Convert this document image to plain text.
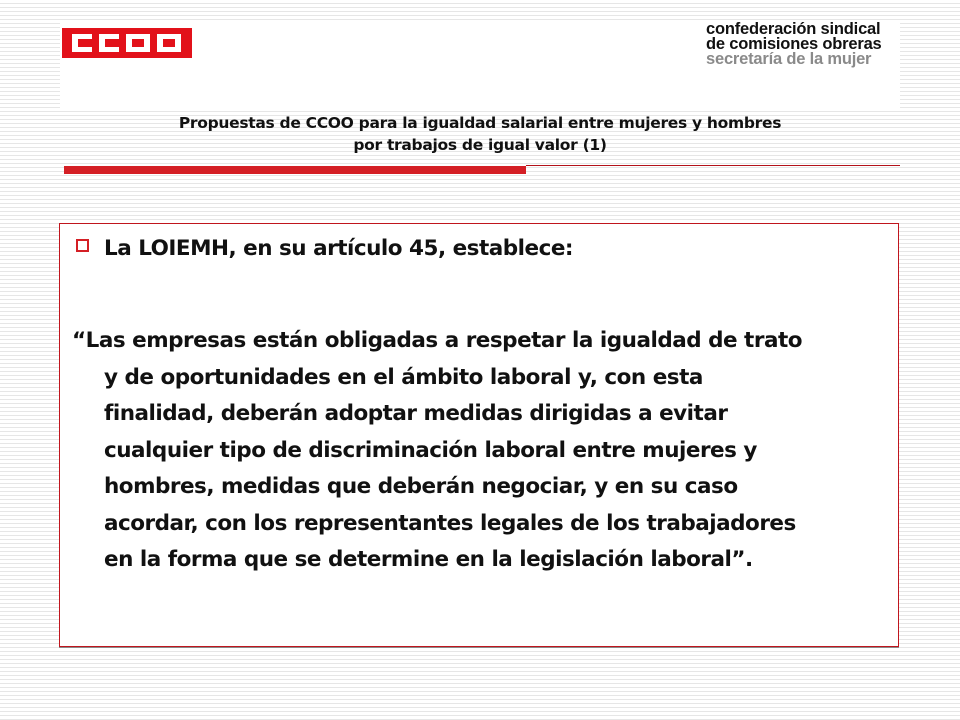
confederación sindical
de comisiones obreras
secretaría de la mujer
Propuestas de CCOO para la igualdad salarial entre mujeres y hombres
por trabajos de igual valor (1)
La LOIEMH, en su artículo 45, establece:
“Las empresas están obligadas a respetar la igualdad de trato
y de oportunidades en el ámbito laboral y, con esta
finalidad, deberán adoptar medidas dirigidas a evitar
cualquier tipo de discriminación laboral entre mujeres y
hombres, medidas que deberán negociar, y en su caso
acordar, con los representantes legales de los trabajadores
en la forma que se determine en la legislación laboral”.
